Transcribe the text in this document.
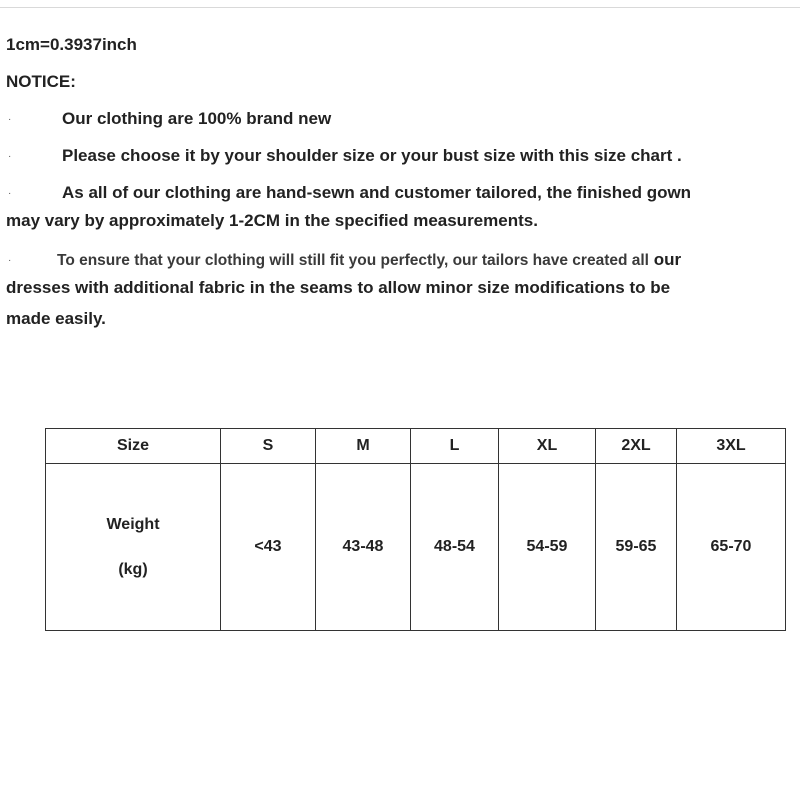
1cm=0.3937inch
NOTICE:
·	Our clothing are 100% brand new
·	Please choose it by your shoulder size or your bust size with this size chart .
·	As all of our clothing are hand-sewn and customer tailored, the finished gown
may vary by approximately 1-2CM in the specified measurements.
·	To ensure that your clothing will still fit you perfectly, our tailors have created all our
dresses with additional fabric in the seams to allow minor size modifications to be
made easily.
Size	S	M	L	XL	2XL	3XL

Weight
(kg)	<43	43-48	48-54	54-59	59-65	65-70
